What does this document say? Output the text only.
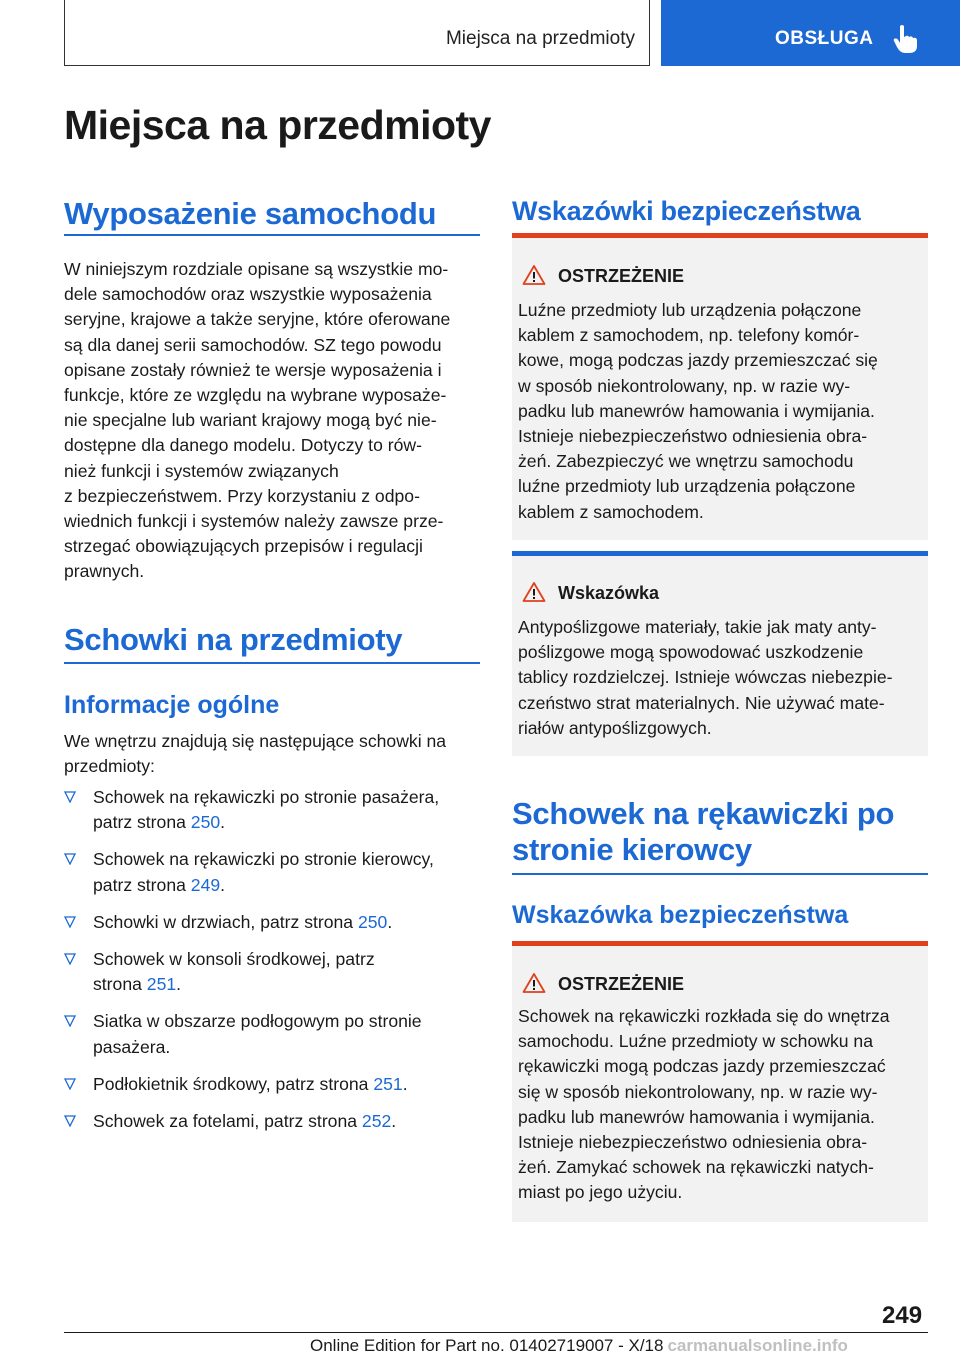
Miejsca na przedmioty	OBSŁUGA
Miejsca na przedmioty
Wyposażenie samochodu

W niniejszym rozdziale opisane są wszystkie mo-
dele samochodów oraz wszystkie wyposażenia
seryjne, krajowe a także seryjne, które oferowane
są dla danej serii samochodów. SZ tego powodu
opisane zostały również te wersje wyposażenia i
funkcje, które ze względu na wybrane wyposaże-
nie specjalne lub wariant krajowy mogą być nie-
dostępne dla danego modelu. Dotyczy to rów-
nież funkcji i systemów związanych
z bezpieczeństwem. Przy korzystaniu z odpo-
wiednich funkcji i systemów należy zawsze prze-
strzegać obowiązujących przepisów i regulacji
prawnych.

Schowki na przedmioty
Informacje ogólne

We wnętrzu znajdują się następujące schowki na
przedmioty:

Schowek na rękawiczki po stronie pasażera,
patrz strona 250.
Schowek na rękawiczki po stronie kierowcy,
patrz strona 249.
Schowki w drzwiach, patrz strona 250.
Schowek w konsoli środkowej, patrz
strona 251.
Siatka w obszarze podłogowym po stronie
pasażera.
Podłokietnik środkowy, patrz strona 251.
Schowek za fotelami, patrz strona 252.
Wskazówki bezpieczeństwa
OSTRZEŻENIE

Luźne przedmioty lub urządzenia połączone
kablem z samochodem, np. telefony komór-
kowe, mogą podczas jazdy przemieszczać się
w sposób niekontrolowany, np. w razie wy-
padku lub manewrów hamowania i wymijania.
Istnieje niebezpieczeństwo odniesienia obra-
żeń. Zabezpieczyć we wnętrzu samochodu
luźne przedmioty lub urządzenia połączone
kablem z samochodem.

Wskazówka

Antypoślizgowe materiały, takie jak maty anty-
poślizgowe mogą spowodować uszkodzenie
tablicy rozdzielczej. Istnieje wówczas niebezpie-
czeństwo strat materialnych. Nie używać mate-
riałów antypoślizgowych.

Schowek na rękawiczki po
stronie kierowcy
Wskazówka bezpieczeństwa
OSTRZEŻENIE

Schowek na rękawiczki rozkłada się do wnętrza
samochodu. Luźne przedmioty w schowku na
rękawiczki mogą podczas jazdy przemieszczać
się w sposób niekontrolowany, np. w razie wy-
padku lub manewrów hamowania i wymijania.
Istnieje niebezpieczeństwo odniesienia obra-
żeń. Zamykać schowek na rękawiczki natych-
miast po jego użyciu.

249
Online Edition for Part no. 01402719007 - X/18 carmanualsonline.info
